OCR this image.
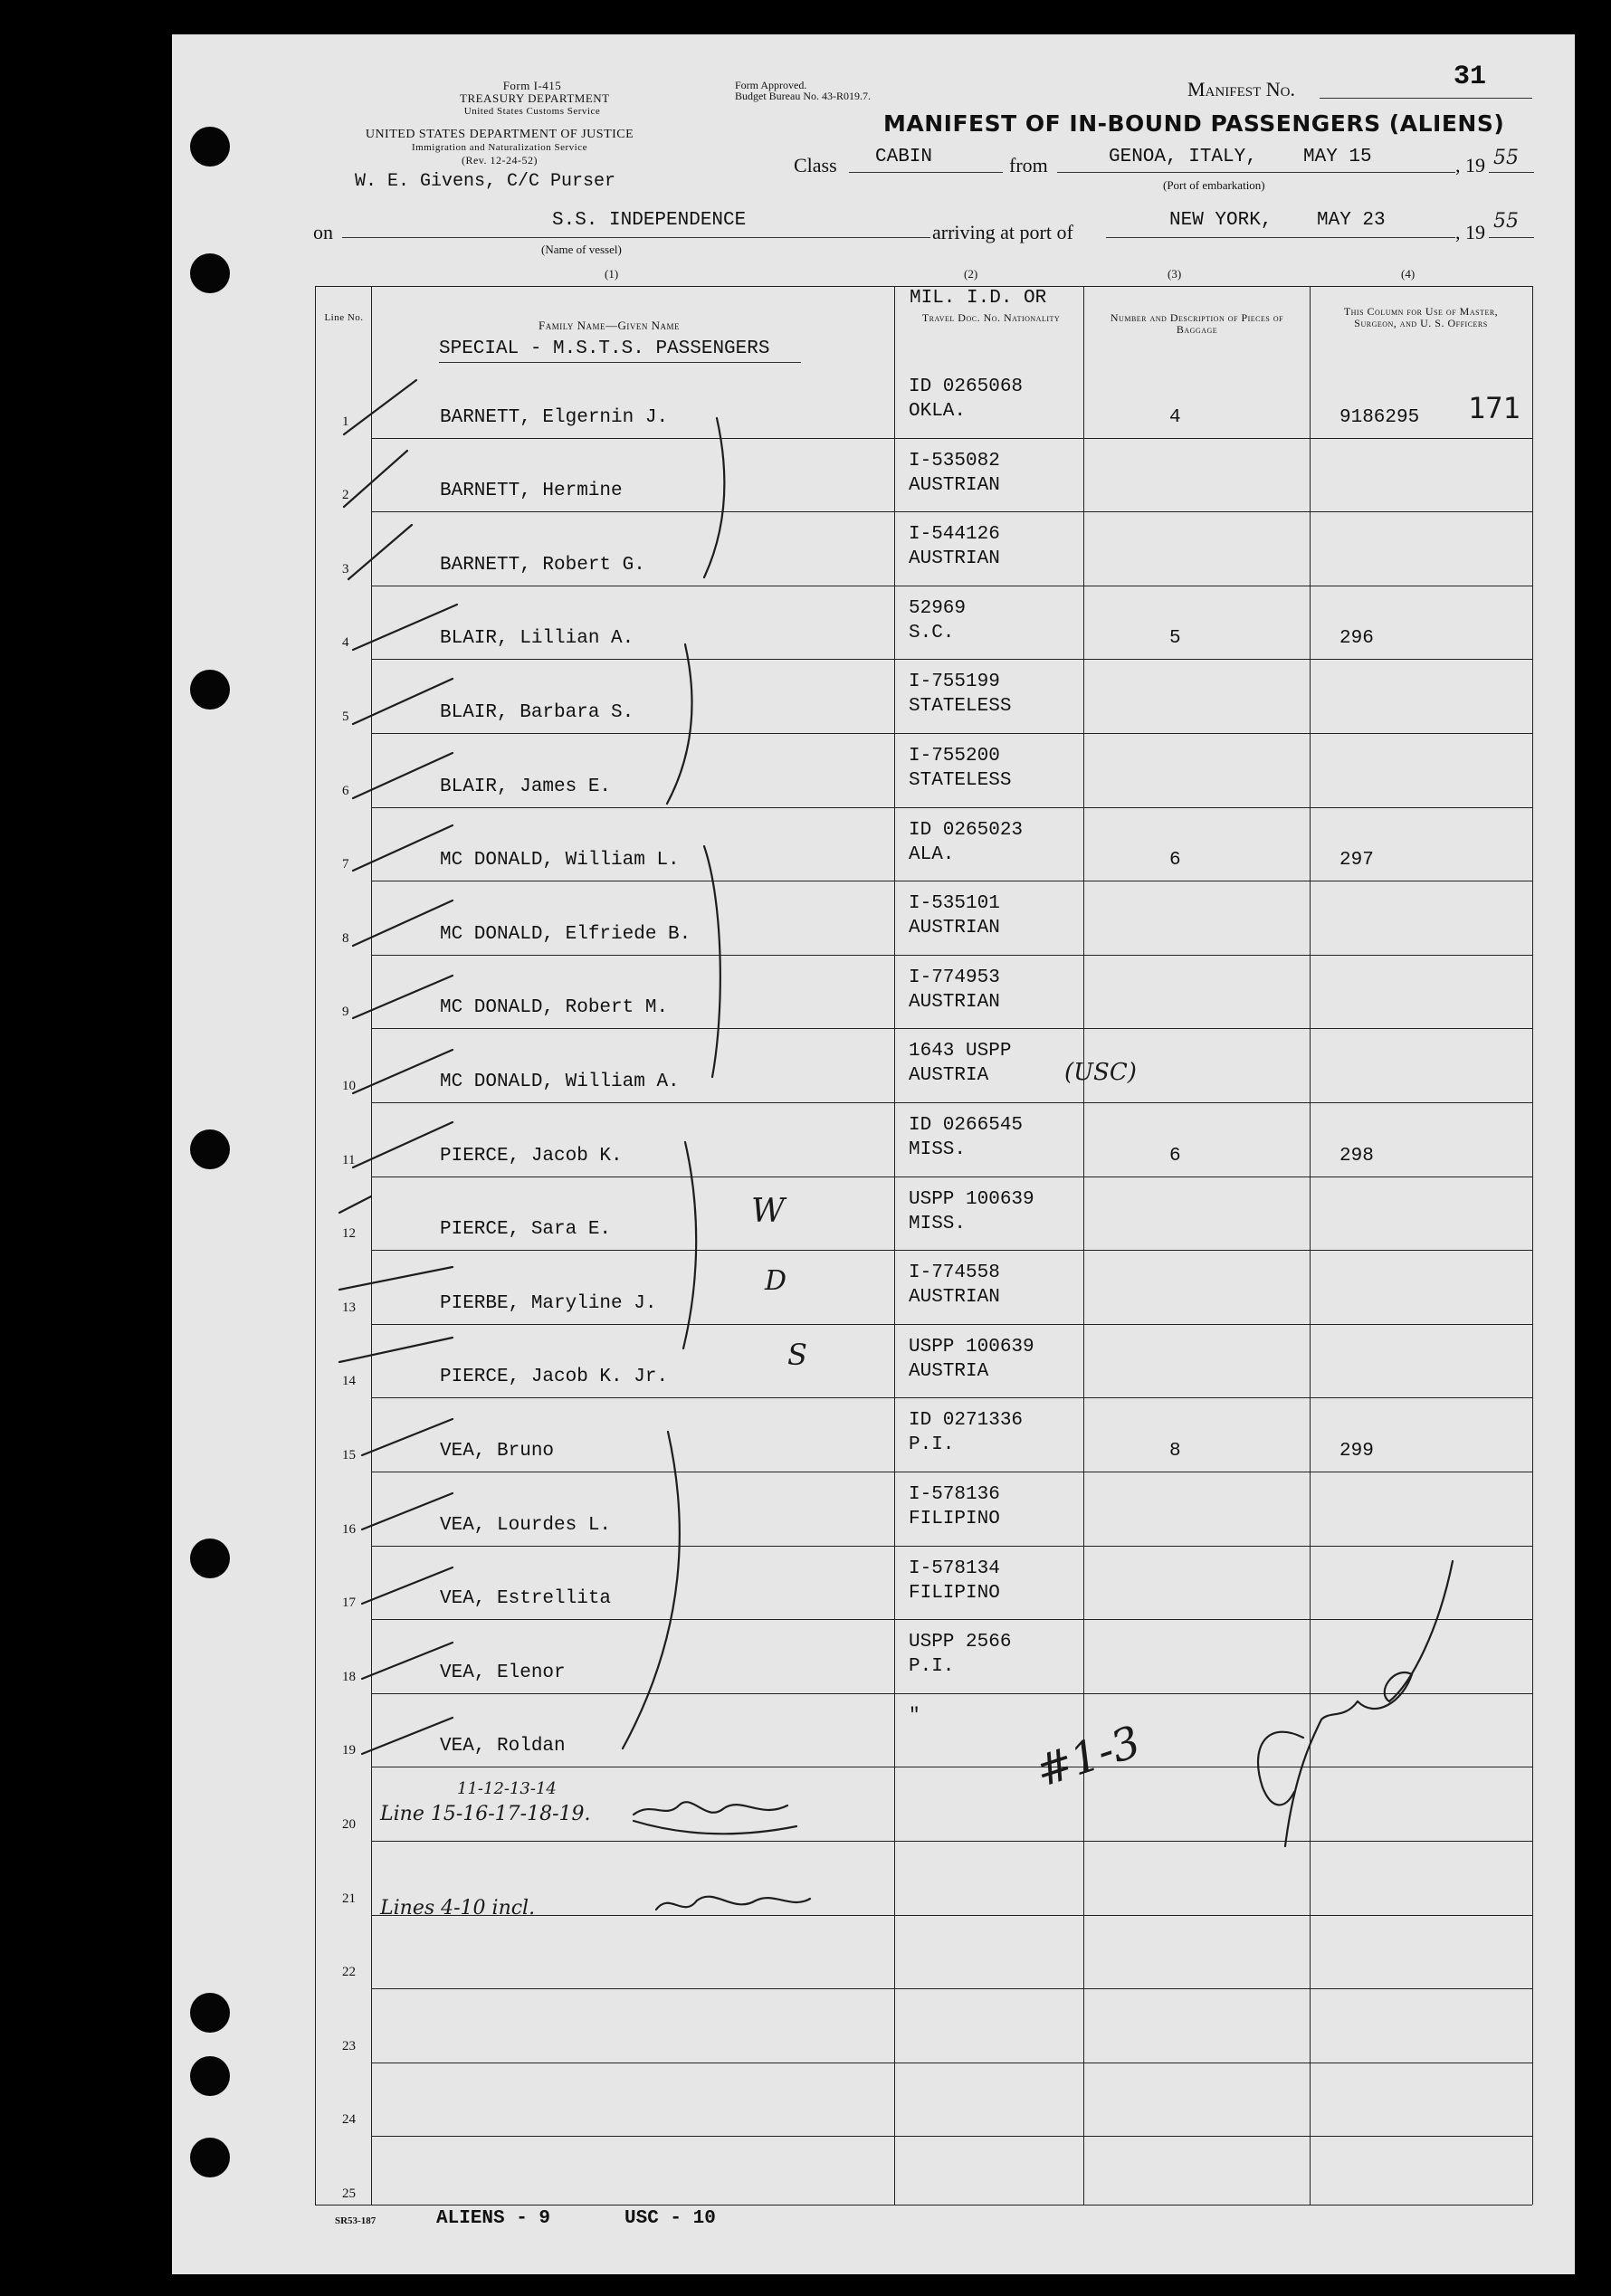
Form I-415
TREASURY DEPARTMENT
United States Customs Service
UNITED STATES DEPARTMENT OF JUSTICE
Immigration and Naturalization Service
(Rev. 12-24-52)
W. E. Givens, C/C Purser
Form Approved.
Budget Bureau No. 43-R019.7.	Manifest No.	31
MANIFEST OF IN-BOUND PASSENGERS (ALIENS)
Class CABIN	from	GENOA, ITALY, MAY 15	, 19 55
(Port of embarkation)
on
S.S. INDEPENDENCE
(Name of vessel)
arriving at port of
NEW YORK, MAY 23
, 19 55
(1)	(2)	(3)	(4)
Line No.
Family Name—Given Name
SPECIAL - M.S.T.S. PASSENGERS
MIL. I.D. OR
Travel Doc. No. Nationality	Number and Description of Pieces of Baggage
This Column for Use of Master, Surgeon, and U. S. Officers
1	BARNETT, Elgernin J.
ID 0265068
OKLA.	4	9186295
2	BARNETT, Hermine
I-535082
AUSTRIAN
3	BARNETT, Robert G.
I-544126
AUSTRIAN
4	BLAIR, Lillian A.
52969
S.C.	5	296
5	BLAIR, Barbara S.
I-755199
STATELESS
6	BLAIR, James E.
I-755200
STATELESS
7	MC DONALD, William L.
ID 0265023
ALA.	6	297
8	MC DONALD, Elfriede B.
I-535101
AUSTRIAN
9	MC DONALD, Robert M.
I-774953
AUSTRIAN
10	MC DONALD, William A.
1643 USPP
AUSTRIA
11	PIERCE, Jacob K.
ID 0266545
MISS.	6	298
12	PIERCE, Sara E.
USPP 100639
MISS.
13	PIERBE, Maryline J.
I-774558
AUSTRIAN
14	PIERCE, Jacob K. Jr.
USPP 100639
AUSTRIA
15	VEA, Bruno
ID 0271336
P.I.	8	299
16	VEA, Lourdes L.
I-578136
FILIPINO
17	VEA, Estrellita
I-578134
FILIPINO
18	VEA, Elenor
USPP 2566
P.I.
19	VEA, Roldan
"
20
21
22
23
24
25
171
(USC)
W
D
S
11-12-13-14
Line 15-16-17-18-19.
Lines 4-10 incl.
#1-3
SR53-187	ALIENS - 9	USC - 10
